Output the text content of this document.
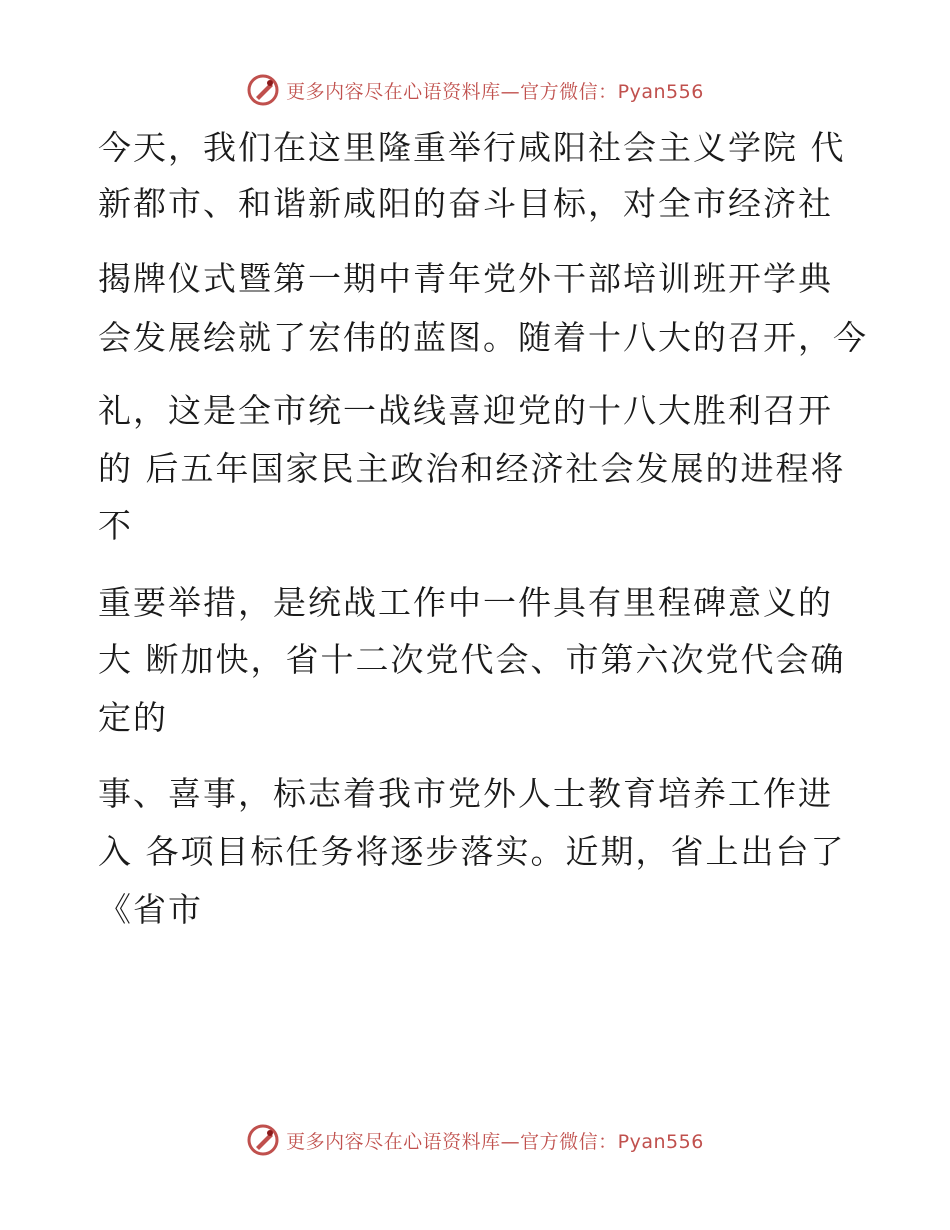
更多内容尽在心语资料库—官方微信：Pyan556
今天，我们在这里隆重举行咸阳社会主义学院 代
新都市、和谐新咸阳的奋斗目标，对全市经济社
揭牌仪式暨第一期中青年党外干部培训班开学典
会发展绘就了宏伟的蓝图。随着十八大的召开，今
礼，这是全市统一战线喜迎党的十八大胜利召开
的 后五年国家民主政治和经济社会发展的进程将
不
重要举措，是统战工作中一件具有里程碑意义的
大 断加快，省十二次党代会、市第六次党代会确
定的
事、喜事，标志着我市党外人士教育培养工作进
入 各项目标任务将逐步落实。近期，省上出台了
《省市
更多内容尽在心语资料库—官方微信：Pyan556
